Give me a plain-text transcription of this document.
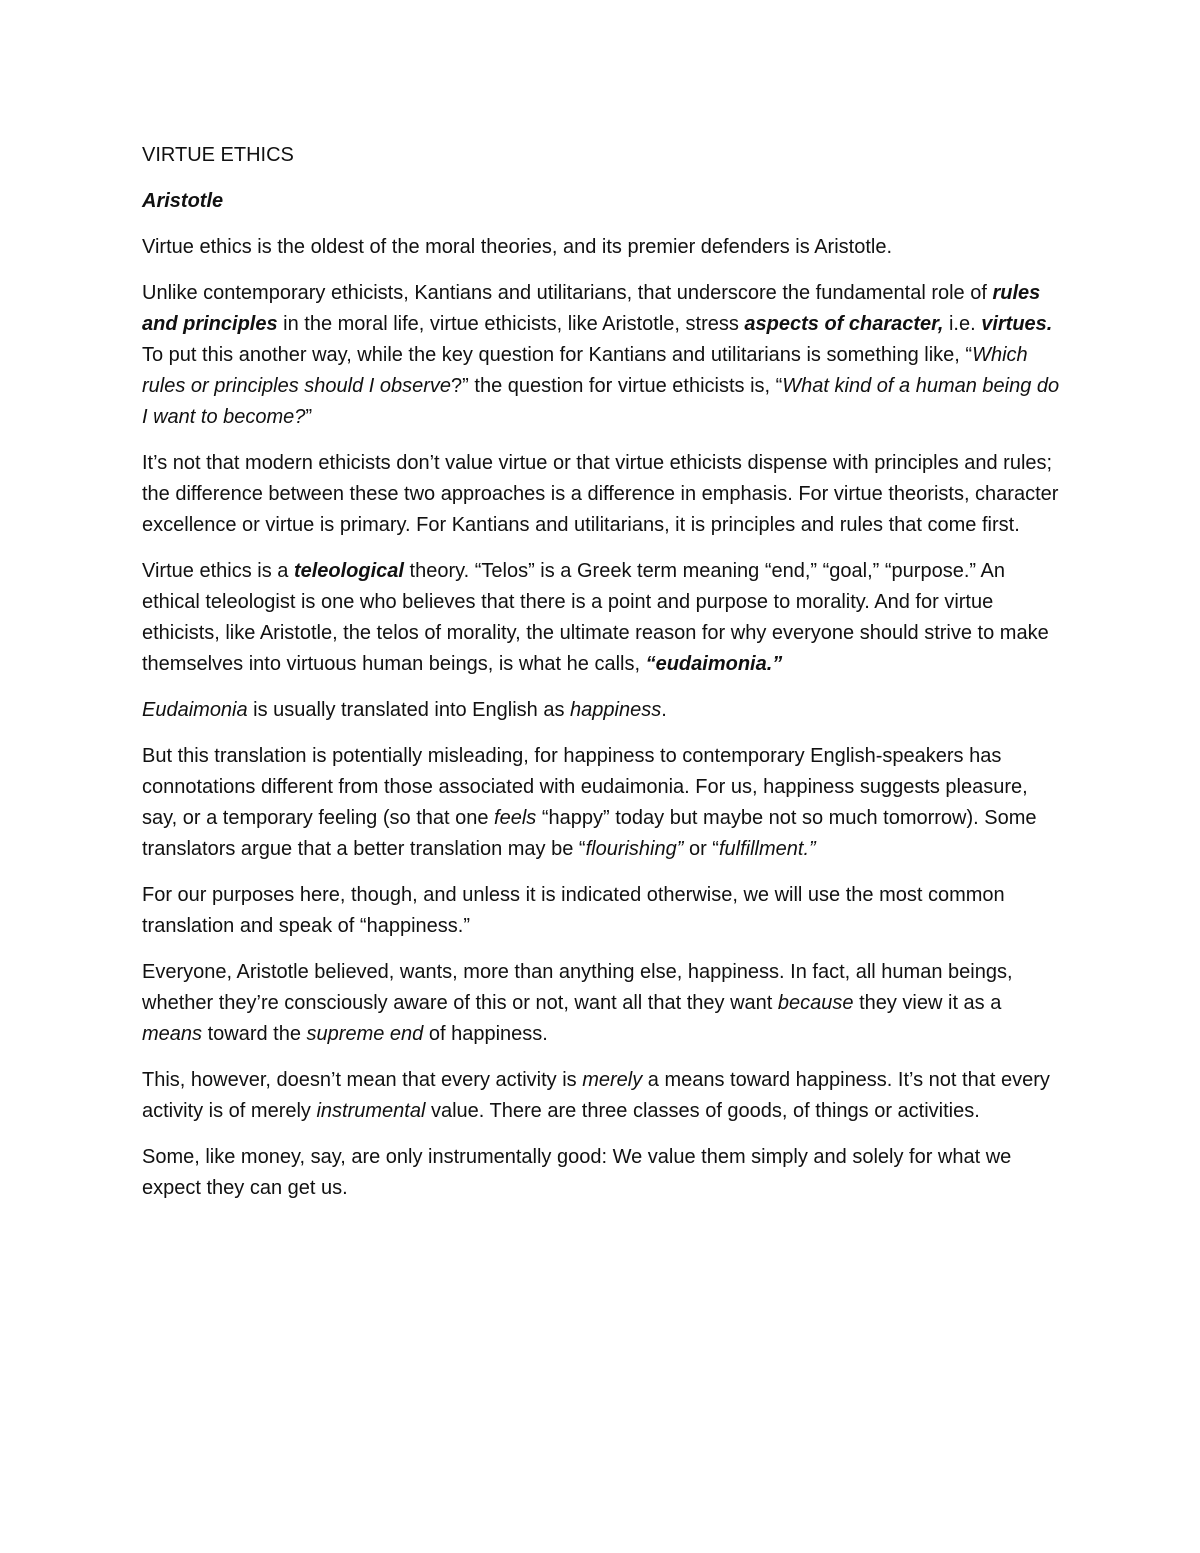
VIRTUE ETHICS
Aristotle

Virtue ethics is the oldest of the moral theories, and its premier defenders is Aristotle.

Unlike contemporary ethicists, Kantians and utilitarians, that underscore the fundamental role of rules and principles in the moral life, virtue ethicists, like Aristotle, stress aspects of character, i.e. virtues. To put this another way, while the key question for Kantians and utilitarians is something like, “Which rules or principles should I observe?” the question for virtue ethicists is, “What kind of a human being do I want to become?”

It’s not that modern ethicists don’t value virtue or that virtue ethicists dispense with principles and rules; the difference between these two approaches is a difference in emphasis. For virtue theorists, character excellence or virtue is primary. For Kantians and utilitarians, it is principles and rules that come first.

Virtue ethics is a teleological theory. “Telos” is a Greek term meaning “end,” “goal,” “purpose.” An ethical teleologist is one who believes that there is a point and purpose to morality. And for virtue ethicists, like Aristotle, the telos of morality, the ultimate reason for why everyone should strive to make themselves into virtuous human beings, is what he calls, “eudaimonia.”

Eudaimonia is usually translated into English as happiness.

But this translation is potentially misleading, for happiness to contemporary English-speakers has connotations different from those associated with eudaimonia. For us, happiness suggests pleasure, say, or a temporary feeling (so that one feels “happy” today but maybe not so much tomorrow). Some translators argue that a better translation may be “flourishing” or “fulfillment.”

For our purposes here, though, and unless it is indicated otherwise, we will use the most common translation and speak of “happiness.”

Everyone, Aristotle believed, wants, more than anything else, happiness. In fact, all human beings, whether they’re consciously aware of this or not, want all that they want because they view it as a means toward the supreme end of happiness.

This, however, doesn’t mean that every activity is merely a means toward happiness. It’s not that every activity is of merely instrumental value. There are three classes of goods, of things or activities.

Some, like money, say, are only instrumentally good: We value them simply and solely for what we expect they can get us.
